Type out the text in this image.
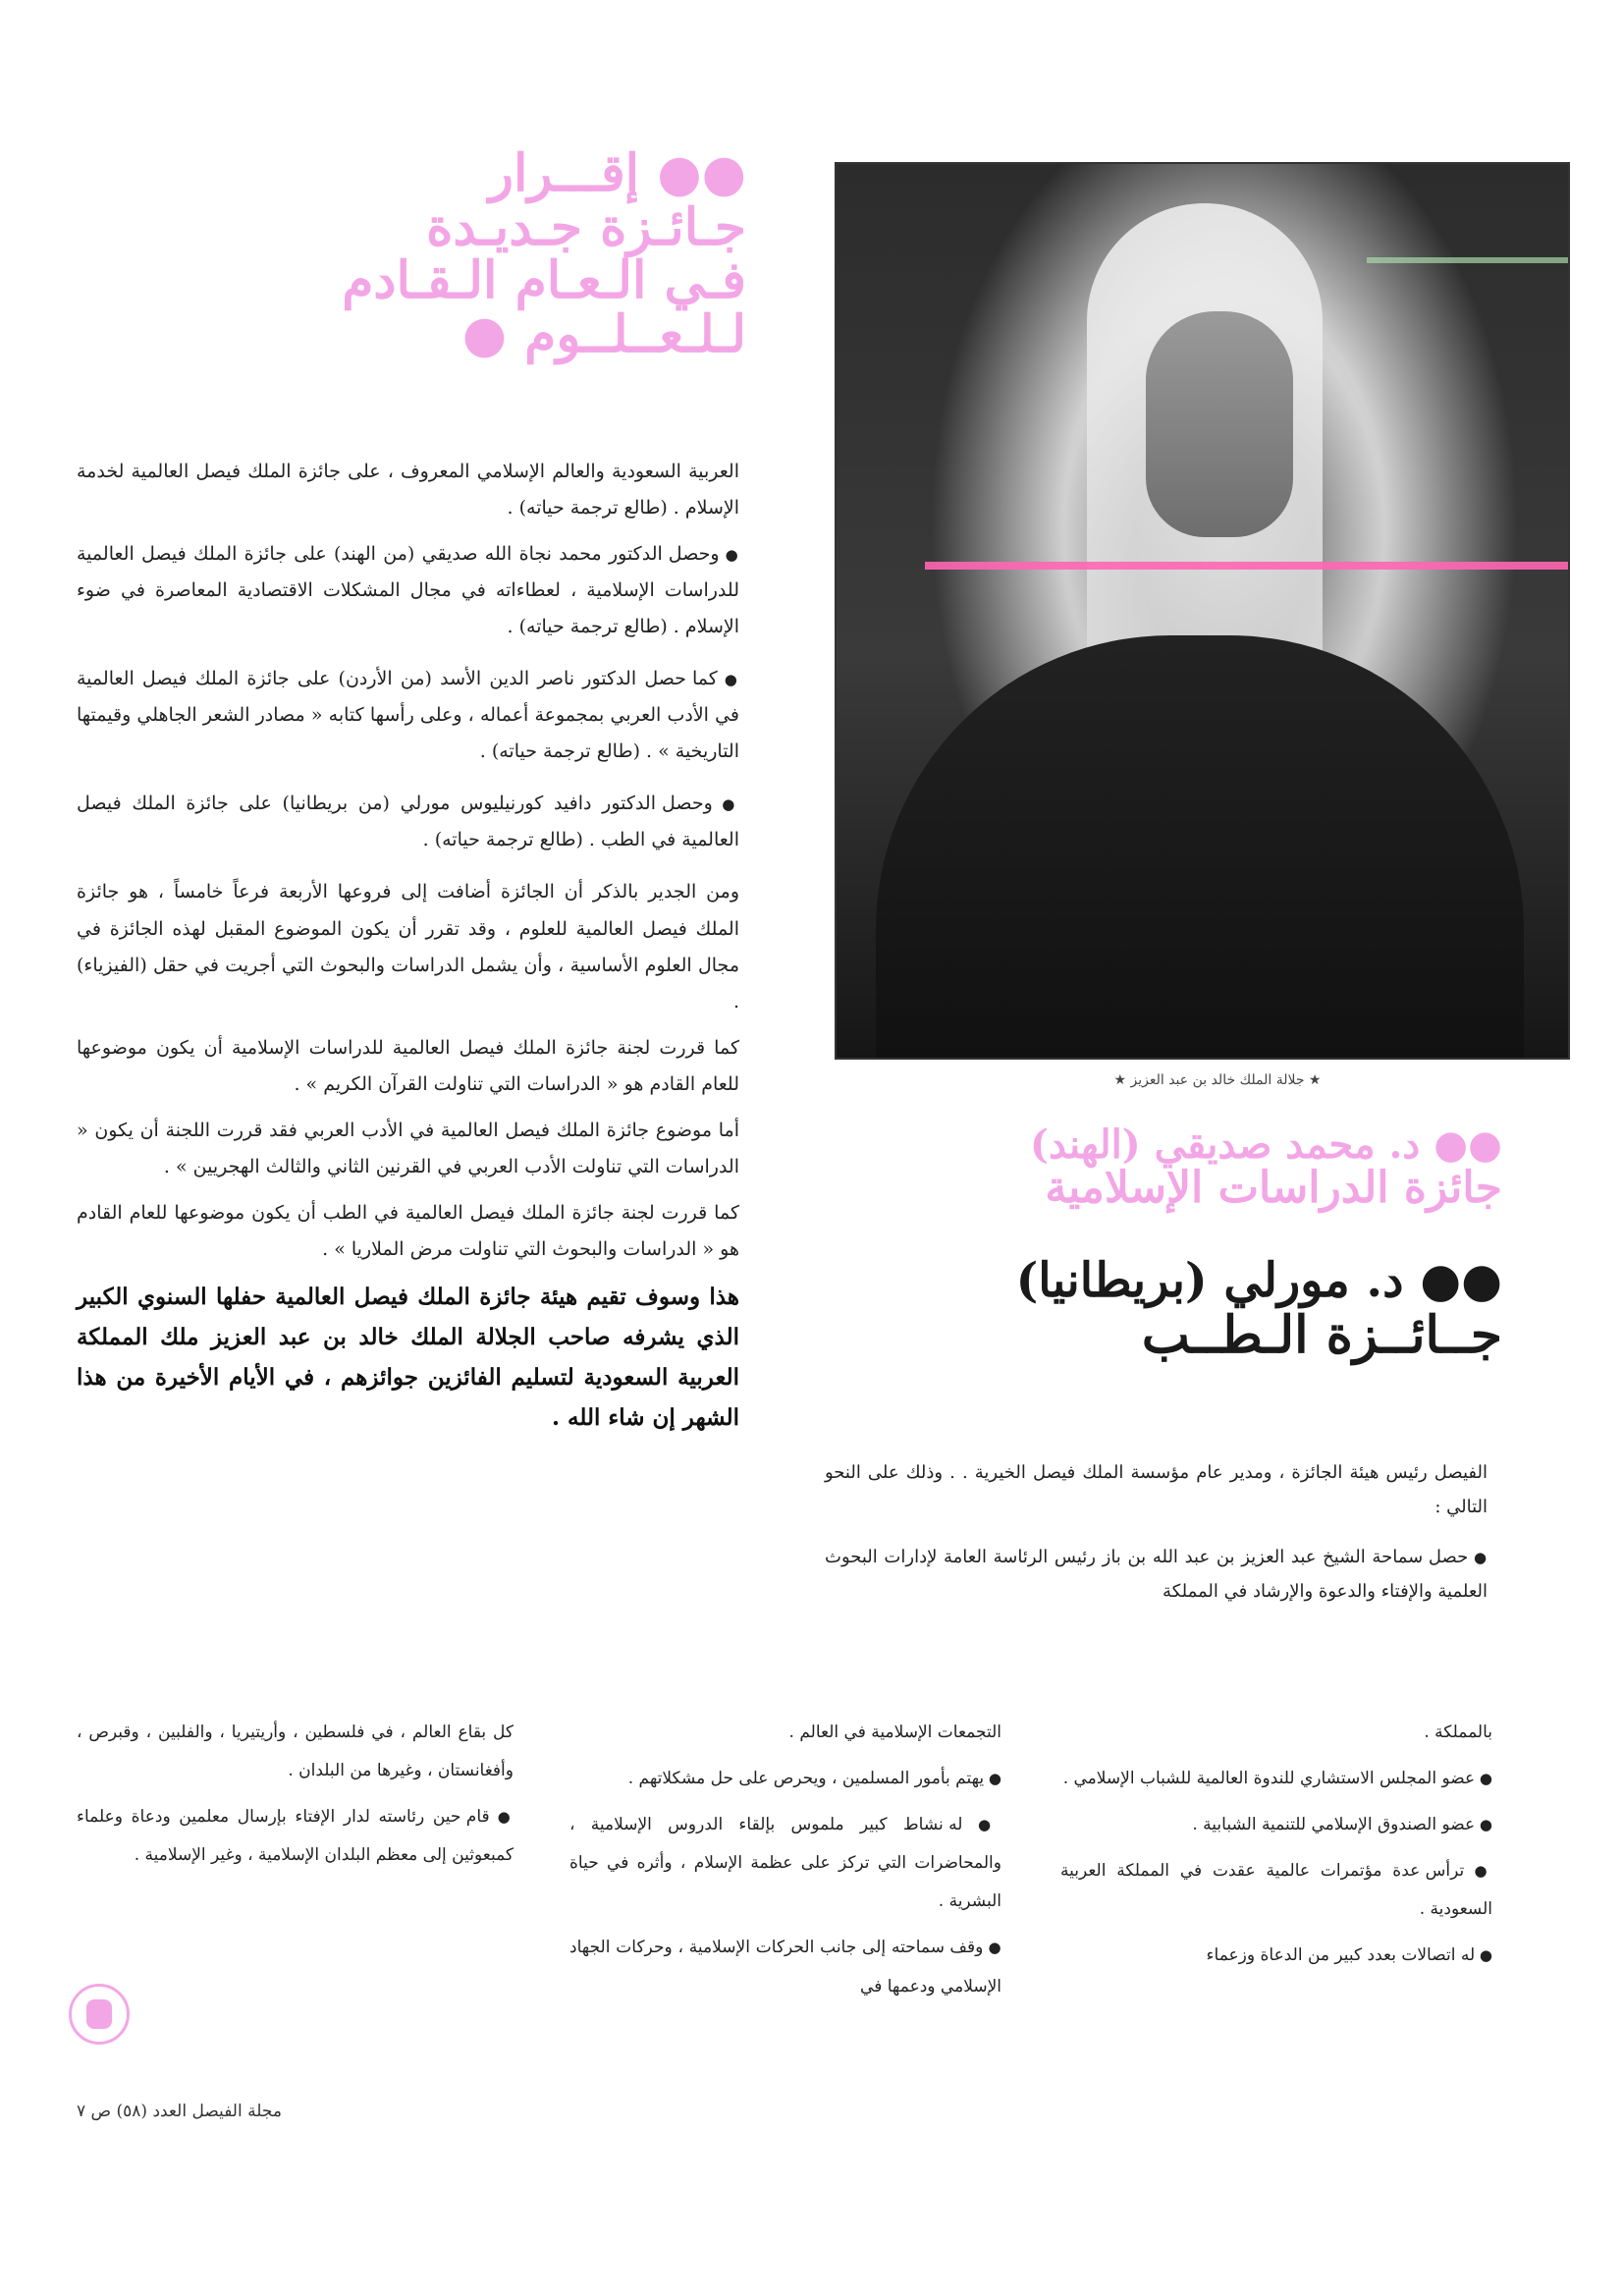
●● إقـــرار
جـائـزة جـديـدة
فـي الـعـام الـقـادم
لـلـعــلــوم ●

العربية السعودية والعالم الإسلامي المعروف ، على جائزة الملك فيصل العالمية لخدمة الإسلام . (طالع ترجمة حياته) .

● وحصل الدكتور محمد نجاة الله صديقي (من الهند) على جائزة الملك فيصل العالمية للدراسات الإسلامية ، لعطاءاته في مجال المشكلات الاقتصادية المعاصرة في ضوء الإسلام . (طالع ترجمة حياته) .

● كما حصل الدكتور ناصر الدين الأسد (من الأردن) على جائزة الملك فيصل العالمية في الأدب العربي بمجموعة أعماله ، وعلى رأسها كتابه « مصادر الشعر الجاهلي وقيمتها التاريخية » . (طالع ترجمة حياته) .

● وحصل الدكتور دافيد كورنيليوس مورلي (من بريطانيا) على جائزة الملك فيصل العالمية في الطب . (طالع ترجمة حياته) .

ومن الجدير بالذكر أن الجائزة أضافت إلى فروعها الأربعة فرعاً خامساً ، هو جائزة الملك فيصل العالمية للعلوم ، وقد تقرر أن يكون الموضوع المقبل لهذه الجائزة في مجال العلوم الأساسية ، وأن يشمل الدراسات والبحوث التي أجريت في حقل (الفيزياء) .

كما قررت لجنة جائزة الملك فيصل العالمية للدراسات الإسلامية أن يكون موضوعها للعام القادم هو « الدراسات التي تناولت القرآن الكريم » .

أما موضوع جائزة الملك فيصل العالمية في الأدب العربي فقد قررت اللجنة أن يكون « الدراسات التي تناولت الأدب العربي في القرنين الثاني والثالث الهجريين » .

كما قررت لجنة جائزة الملك فيصل العالمية في الطب أن يكون موضوعها للعام القادم هو « الدراسات والبحوث التي تناولت مرض الملاريا » .

هذا وسوف تقيم هيئة جائزة الملك فيصل العالمية حفلها السنوي الكبير الذي يشرفه صاحب الجلالة الملك خالد بن عبد العزيز ملك المملكة العربية السعودية لتسليم الفائزين جوائزهم ، في الأيام الأخيرة من هذا الشهر إن شاء الله .

★ جلالة الملك خالد بن عبد العزيز ★
●● د. محمد صديقي (الهند)
جائزة الدراسات الإسلامية
●● د. مورلي (بريطانيا)
جــائــزة الـطــب

الفيصل رئيس هيئة الجائزة ، ومدير عام مؤسسة الملك فيصل الخيرية . . وذلك على النحو التالي :

● حصل سماحة الشيخ عبد العزيز بن عبد الله بن باز رئيس الرئاسة العامة لإدارات البحوث العلمية والإفتاء والدعوة والإرشاد في المملكة

بالمملكة .

● عضو المجلس الاستشاري للندوة العالمية للشباب الإسلامي .

● عضو الصندوق الإسلامي للتنمية الشبابية .

● ترأس عدة مؤتمرات عالمية عقدت في المملكة العربية السعودية .

● له اتصالات بعدد كبير من الدعاة وزعماء

التجمعات الإسلامية في العالم .

● يهتم بأمور المسلمين ، ويحرص على حل مشكلاتهم .

● له نشاط كبير ملموس بإلقاء الدروس الإسلامية ، والمحاضرات التي تركز على عظمة الإسلام ، وأثره في حياة البشرية .

● وقف سماحته إلى جانب الحركات الإسلامية ، وحركات الجهاد الإسلامي ودعمها في

كل بقاع العالم ، في فلسطين ، وأريتيريا ، والفلبين ، وقبرص ، وأفغانستان ، وغيرها من البلدان .

● قام حين رئاسته لدار الإفتاء بإرسال معلمين ودعاة وعلماء كمبعوثين إلى معظم البلدان الإسلامية ، وغير الإسلامية .

مجلة الفيصل العدد (٥٨) ص ٧
